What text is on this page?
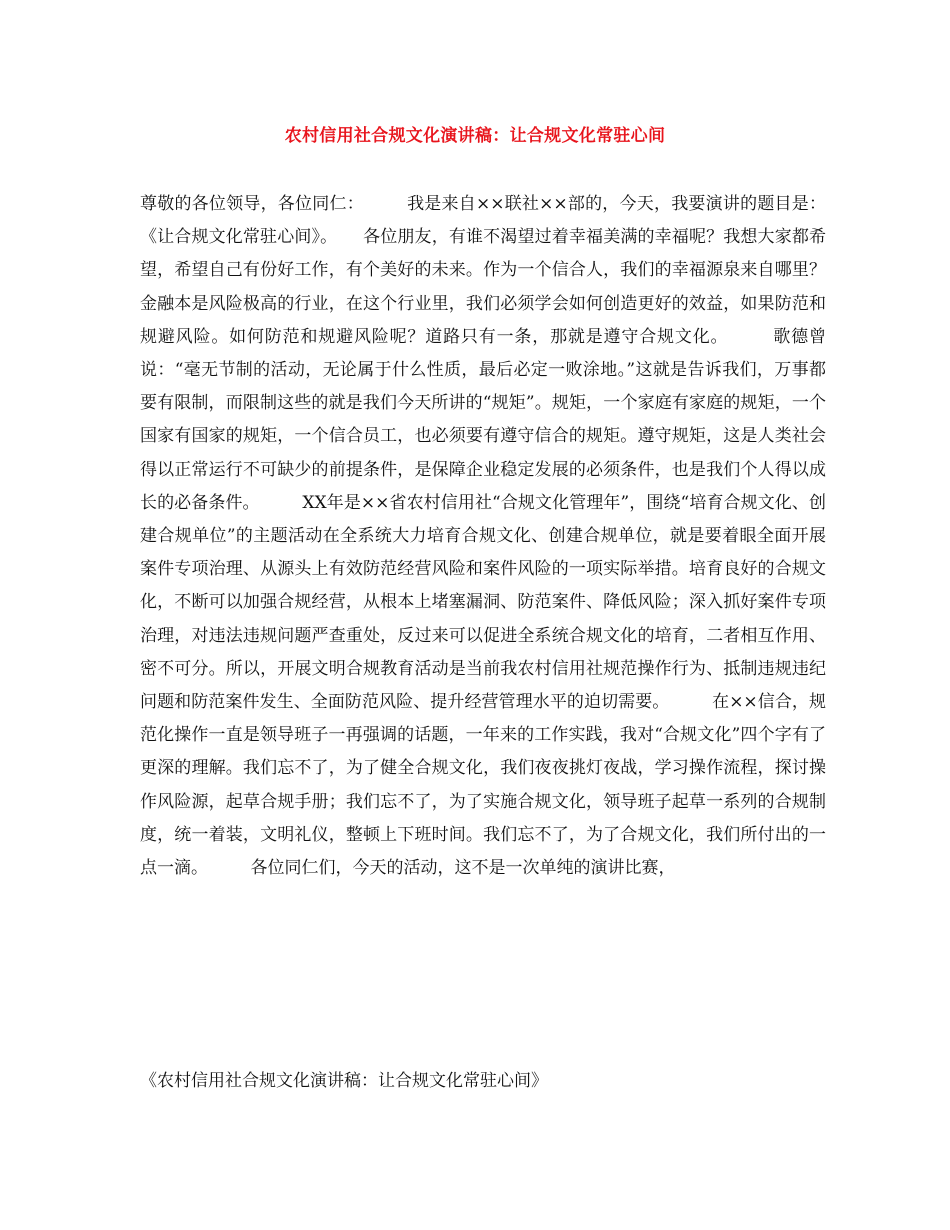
农村信用社合规文化演讲稿：让合规文化常驻心间

尊敬的各位领导，各位同仁：　　　我是来自××联社××部的，今天，我要演讲的题目是：《让合规文化常驻心间》。　　各位朋友，有谁不渴望过着幸福美满的幸福呢？我想大家都希望，希望自己有份好工作，有个美好的未来。作为一个信合人，我们的幸福源泉来自哪里？金融本是风险极高的行业，在这个行业里，我们必须学会如何创造更好的效益，如果防范和规避风险。如何防范和规避风险呢？道路只有一条，那就是遵守合规文化。　　　歌德曾说：“毫无节制的活动，无论属于什么性质，最后必定一败涂地。”这就是告诉我们，万事都要有限制，而限制这些的就是我们今天所讲的“规矩”。规矩，一个家庭有家庭的规矩，一个国家有国家的规矩，一个信合员工，也必须要有遵守信合的规矩。遵守规矩，这是人类社会得以正常运行不可缺少的前提条件，是保障企业稳定发展的必须条件，也是我们个人得以成长的必备条件。　　　XX年是××省农村信用社“合规文化管理年”，围绕“培育合规文化、创建合规单位”的主题活动在全系统大力培育合规文化、创建合规单位，就是要着眼全面开展案件专项治理、从源头上有效防范经营风险和案件风险的一项实际举措。培育良好的合规文化，不断可以加强合规经营，从根本上堵塞漏洞、防范案件、降低风险；深入抓好案件专项治理，对违法违规问题严查重处，反过来可以促进全系统合规文化的培育，二者相互作用、密不可分。所以，开展文明合规教育活动是当前我农村信用社规范操作行为、抵制违规违纪问题和防范案件发生、全面防范风险、提升经营管理水平的迫切需要。　　　在××信合，规范化操作一直是领导班子一再强调的话题，一年来的工作实践，我对“合规文化”四个字有了更深的理解。我们忘不了，为了健全合规文化，我们夜夜挑灯夜战，学习操作流程，探讨操作风险源，起草合规手册；我们忘不了，为了实施合规文化，领导班子起草一系列的合规制度，统一着装，文明礼仪，整顿上下班时间。我们忘不了，为了合规文化，我们所付出的一点一滴。　　　各位同仁们，今天的活动，这不是一次单纯的演讲比赛，

《农村信用社合规文化演讲稿：让合规文化常驻心间》
